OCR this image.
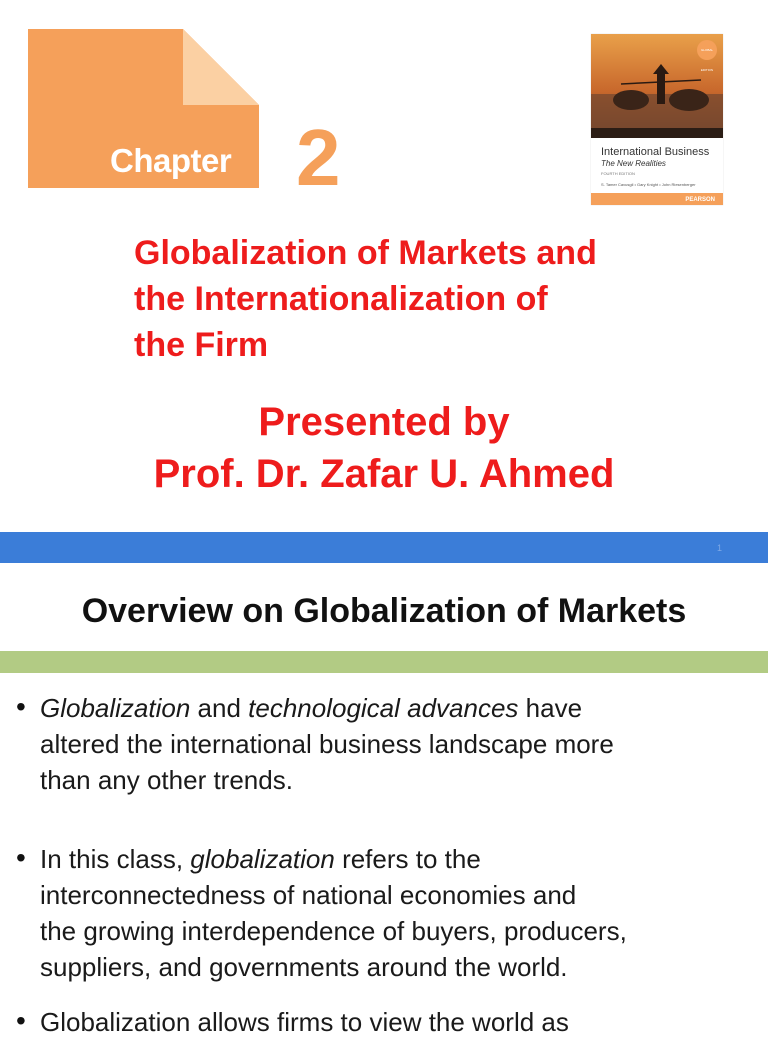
Chapter 2
GLOBAL EDITION
International Business
The New Realities
FOURTH EDITION
S. Tamer Cavusgil • Gary Knight • John Riesenberger
PEARSON
Globalization of Markets and
the Internationalization of
the Firm
Presented by
Prof. Dr. Zafar U. Ahmed
1
Overview on Globalization of Markets
• Globalization and technological advances have
altered the international business landscape more
than any other trends.
• In this class, globalization refers to the
interconnectedness of national economies and
the growing interdependence of buyers, producers,
suppliers, and governments around the world.
• Globalization allows firms to view the world as
